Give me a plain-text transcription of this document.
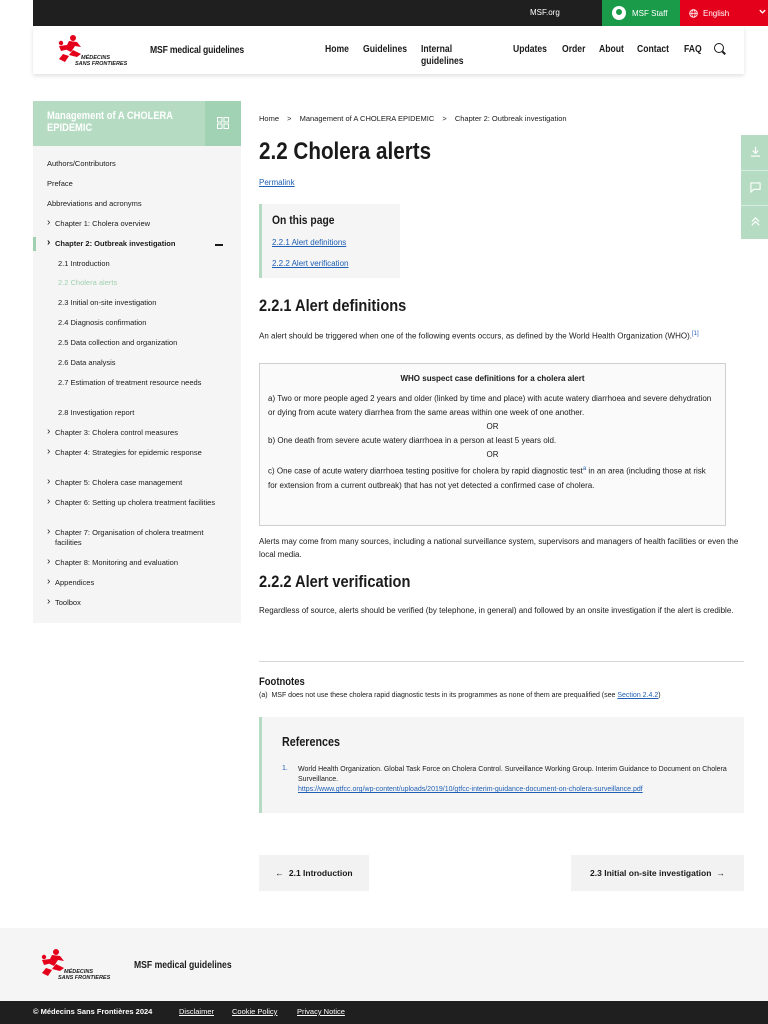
MSF.org	MSF Staff	English
MÉDECINS
SANS FRONTIERES
MSF medical guidelines	Home Guidelines Internal guidelines
Updates Order About Contact FAQ
Management of A CHOLERA EPIDEMIC
Authors/Contributors
Preface
Abbreviations and acronyms
› Chapter 1: Cholera overview
› Chapter 2: Outbreak investigation
2.1 Introduction
2.2 Cholera alerts
2.3 Initial on-site investigation
2.4 Diagnosis confirmation
2.5 Data collection and organization
2.6 Data analysis
2.7 Estimation of treatment resource needs
2.8 Investigation report
› Chapter 3: Cholera control measures
› Chapter 4: Strategies for epidemic response
› Chapter 5: Cholera case management
› Chapter 6: Setting up cholera treatment facilities
› Chapter 7: Organisation of cholera treatment facilities
› Chapter 8: Monitoring and evaluation
› Appendices
› Toolbox
Home > Management of A CHOLERA EPIDEMIC > Chapter 2: Outbreak investigation
2.2 Cholera alerts
Permalink
On this page
2.2.1 Alert definitions
2.2.2 Alert verification
2.2.1 Alert definitions
An alert should be triggered when one of the following events occurs, as defined by the World Health Organization (WHO).[1]
WHO suspect case definitions for a cholera alert
a) Two or more people aged 2 years and older (linked by time and place) with acute watery diarrhoea and severe dehydration or dying from acute watery diarrhea from the same areas within one week of one another.
OR
b) One death from severe acute watery diarrhoea in a person at least 5 years old.
OR
c) One case of acute watery diarrhoea testing positive for cholera by rapid diagnostic test$^a$ in an area (including those at risk for extension from a current outbreak) that has not yet detected a confirmed case of cholera.
Alerts may come from many sources, including a national surveillance system, supervisors and managers of health facilities or even the local media.
2.2.2 Alert verification
Regardless of source, alerts should be verified (by telephone, in general) and followed by an onsite investigation if the alert is credible.
Footnotes
(a) MSF does not use these cholera rapid diagnostic tests in its programmes as none of them are prequalified (see Section 2.4.2)
References
1. World Health Organization. Global Task Force on Cholera Control. Surveillance Working Group. Interim Guidance to Document on Cholera Surveillance.
https://www.gtfcc.org/wp-content/uploads/2019/10/gtfcc-interim-guidance-document-on-cholera-surveillance.pdf
← 2.1 Introduction	2.3 Initial on-site investigation →
MÉDECINS
SANS FRONTIERES
MSF medical guidelines
© Médecins Sans Frontières 2024	Disclaimer Cookie Policy	Privacy Notice
